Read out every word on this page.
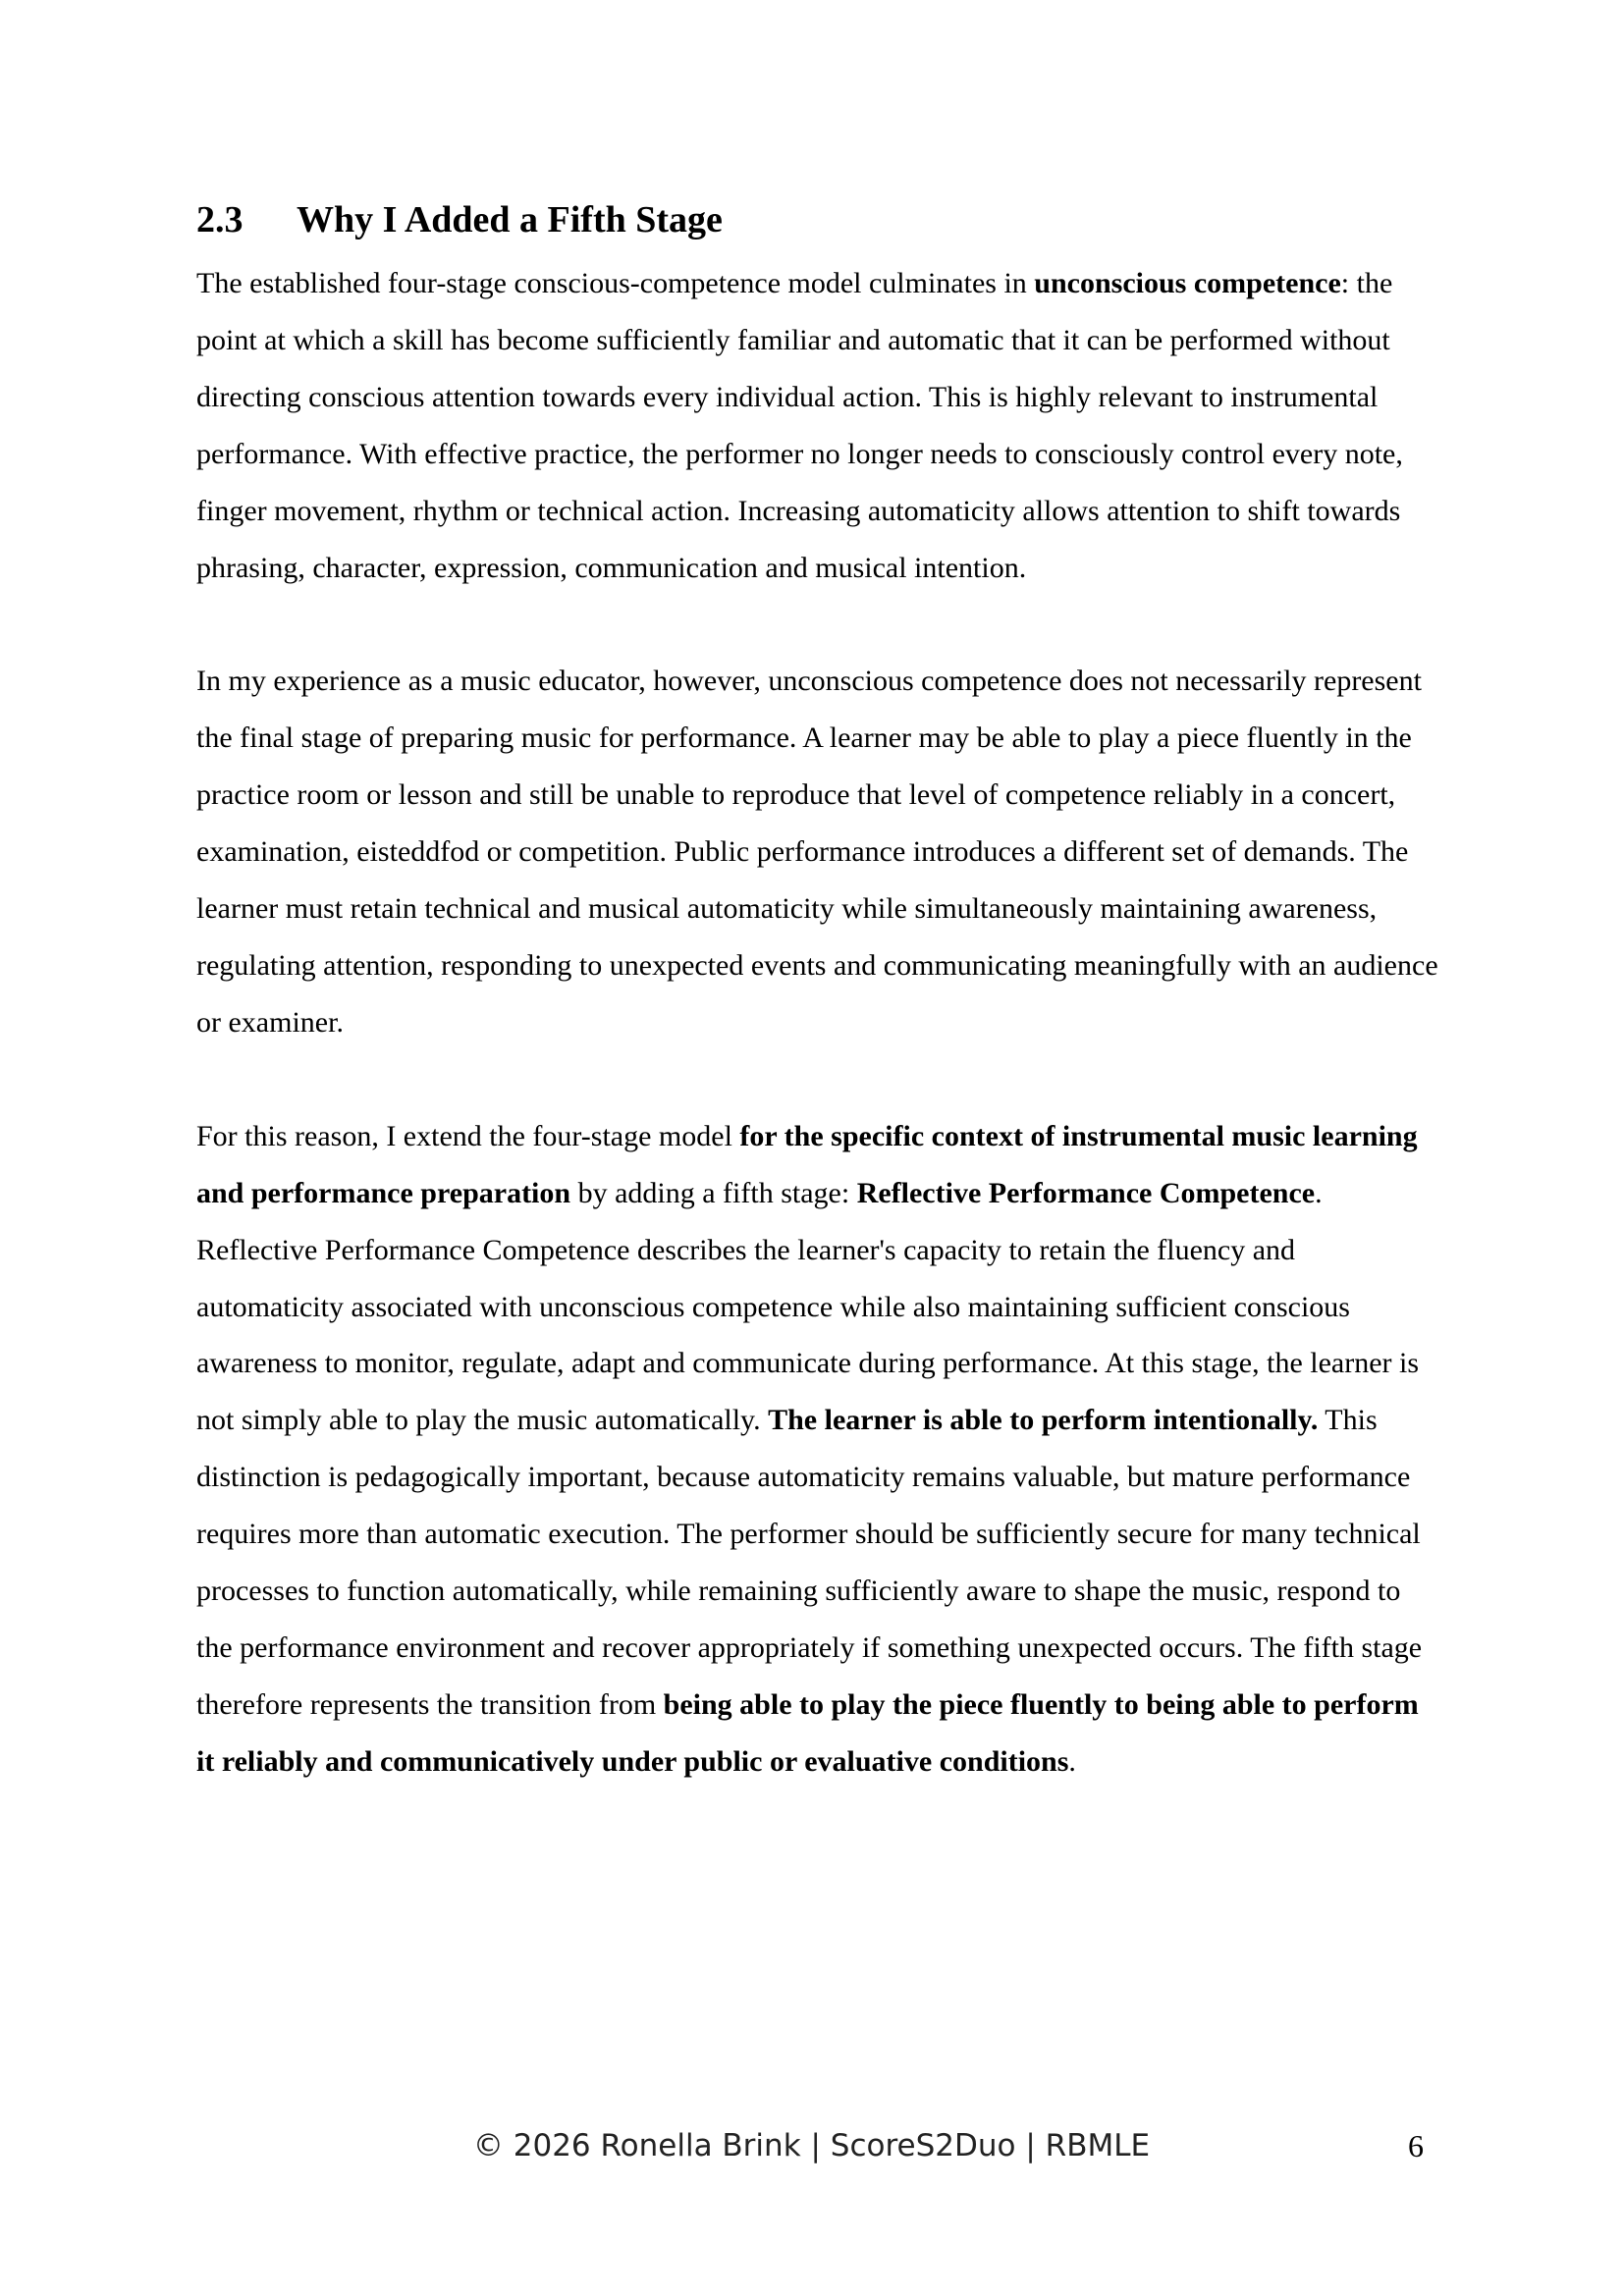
2.3	Why I Added a Fifth Stage

The established four-stage conscious-competence model culminates in unconscious competence: the point at which a skill has become sufficiently familiar and automatic that it can be performed without directing conscious attention towards every individual action. This is highly relevant to instrumental performance. With effective practice, the performer no longer needs to consciously control every note, finger movement, rhythm or technical action. Increasing automaticity allows attention to shift towards phrasing, character, expression, communication and musical intention.

In my experience as a music educator, however, unconscious competence does not necessarily represent the final stage of preparing music for performance. A learner may be able to play a piece fluently in the practice room or lesson and still be unable to reproduce that level of competence reliably in a concert, examination, eisteddfod or competition. Public performance introduces a different set of demands. The learner must retain technical and musical automaticity while simultaneously maintaining awareness, regulating attention, responding to unexpected events and communicating meaningfully with an audience or examiner.

For this reason, I extend the four-stage model for the specific context of instrumental music learning and performance preparation by adding a fifth stage: Reflective Performance Competence. Reflective Performance Competence describes the learner's capacity to retain the fluency and automaticity associated with unconscious competence while also maintaining sufficient conscious awareness to monitor, regulate, adapt and communicate during performance. At this stage, the learner is not simply able to play the music automatically. The learner is able to perform intentionally. This distinction is pedagogically important, because automaticity remains valuable, but mature performance requires more than automatic execution. The performer should be sufficiently secure for many technical processes to function automatically, while remaining sufficiently aware to shape the music, respond to the performance environment and recover appropriately if something unexpected occurs. The fifth stage therefore represents the transition from being able to play the piece fluently to being able to perform it reliably and communicatively under public or evaluative conditions.

© 2026 Ronella Brink | ScoreS2Duo | RBMLE	6
